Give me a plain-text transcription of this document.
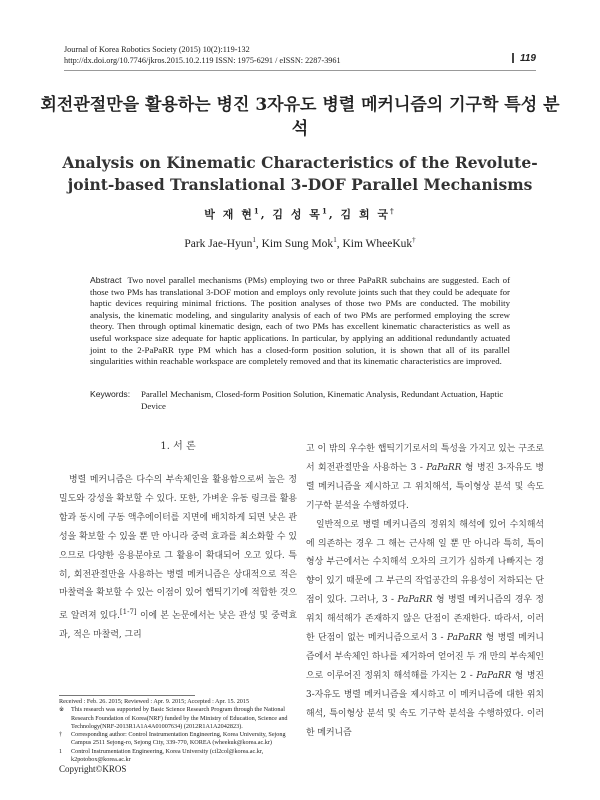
Journal of Korea Robotics Society (2015) 10(2):119-132
http://dx.doi.org/10.7746/jkros.2015.10.2.119 ISSN: 1975-6291 / eISSN: 2287-3961	119
회전관절만을 활용하는 병진 3자유도 병렬 메커니즘의 기구학 특성 분석
Analysis on Kinematic Characteristics of the Revolute-
joint-based Translational 3-DOF Parallel Mechanisms
박 재 현$^1$, 김 성 목$^1$, 김 희 국†
Park Jae-Hyun$^1$, Kim Sung Mok$^1$, Kim WheeKuk†
Abstract Two novel parallel mechanisms (PMs) employing two or three PaPaRR subchains are suggested. Each of those two PMs has translational 3-DOF motion and employs only revolute joints such that they could be adequate for haptic devices requiring minimal frictions. The position analyses of those two PMs are conducted. The mobility analysis, the kinematic modeling, and singularity analysis of each of two PMs are performed employing the screw theory. Then through optimal kinematic design, each of two PMs has excellent kinematic characteristics as well as useful workspace size adequate for haptic applications. In particular, by applying an additional redundantly actuated joint to the 2-PaPaRR type PM which has a closed-form position solution, it is shown that all of its parallel singularities within reachable workspace are completely removed and that its kinematic characteristics are improved.
Keywords:	Parallel Mechanism, Closed-form Position Solution, Kinematic Analysis, Redundant Actuation, Haptic Device
1. 서 론

병렬 메커니즘은 다수의 부속체인을 활용함으로써 높은 정밀도와 강성을 확보할 수 있다. 또한, 가벼운 유동 링크를 활용함과 동시에 구동 액추에이터를 지면에 배치하게 되면 낮은 관성을 확보할 수 있을 뿐 만 아니라 중력 효과를 최소화할 수 있으므로 다양한 응용분야로 그 활용이 확대되어 오고 있다. 특히, 회전관절만을 사용하는 병렬 메커니즘은 상대적으로 적은 마찰력을 확보할 수 있는 이점이 있어 햅틱기기에 적합한 것으로 알려져 있다.[1-7] 이에 본 논문에서는 낮은 관성 및 중력효과, 적은 마찰력, 그리

고 이 밖의 우수한 햅틱기기로서의 특성을 가지고 있는 구조로서 회전관절만을 사용하는 3 - PaPaRR 형 병진 3-자유도 병렬 메커니즘을 제시하고 그 위치해석, 특이형상 분석 및 속도 기구학 분석을 수행하였다.

일반적으로 병렬 메커니즘의 정위치 해석에 있어 수치해석에 의존하는 경우 그 해는 근사해 일 뿐 만 아니라 특히, 특이형상 부근에서는 수치해석 오차의 크기가 심하게 나빠지는 경향이 있기 때문에 그 부근의 작업공간의 유용성이 저하되는 단점이 있다. 그러나, 3 - PaPaRR 형 병렬 메커니즘의 경우 정위치 해석해가 존재하지 않은 단점이 존재한다. 따라서, 이러한 단점이 없는 메커니즘으로서 3 - PaPaRR 형 병렬 메커니즘에서 부속체인 하나를 제거하여 얻어진 두 개 만의 부속체인으로 이루어진 정위치 해석해를 가지는 2 - PaPaRR 형 병진 3-자유도 병렬 메커니즘을 제시하고 이 메커니즘에 대한 위치해석, 특이형상 분석 및 속도 기구학 분석을 수행하였다. 이러한 메커니즘

Received : Feb. 26. 2015; Reviewed : Apr. 9. 2015; Accepted : Apr. 15. 2015
※	This research was supported by Basic Science Research Program through the National Research Foundation of Korea(NRF) funded by the Ministry of Education, Science and Technology(NRF-2013R1A1A4A01007634) (2012R1A1A2042823).
†	Corresponding author: Control Instrumentation Engineering, Korea University, Sejong Campus 2511 Sejong-ro, Sejong City, 339-770, KOREA (wheekuk@korea.ac.kr)
1	Control Instrumentation Engineering, Korea University (cil2col@korea.ac.kr, k2potobox@korea.ac.kr
Copyright©KROS
